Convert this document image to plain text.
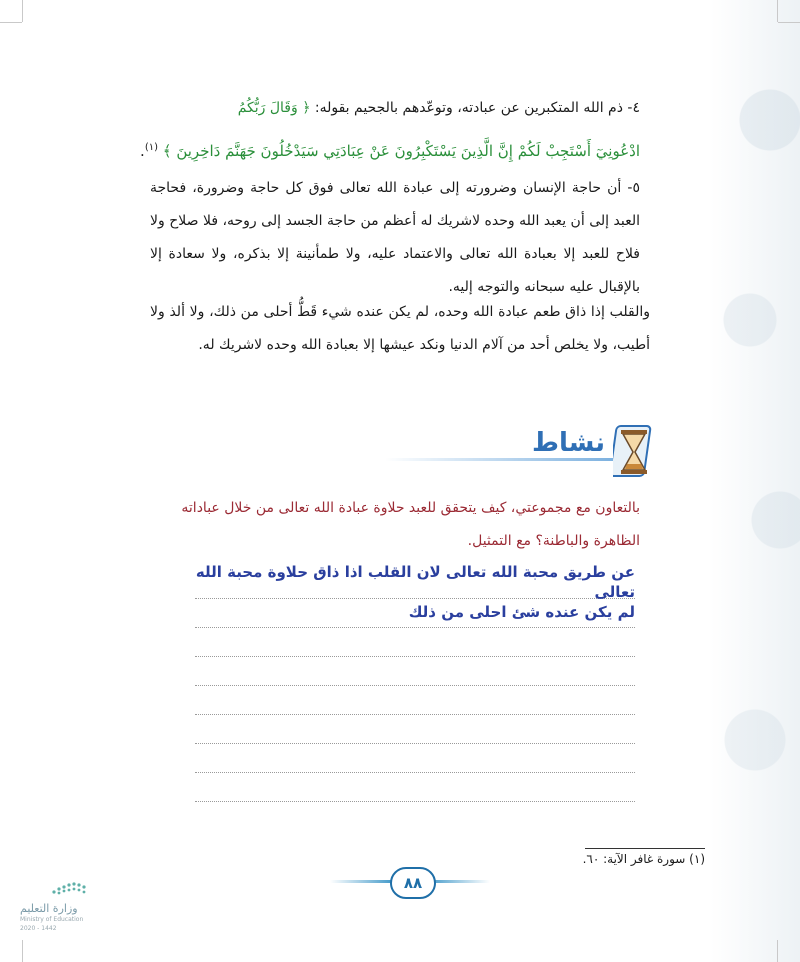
٤- ذم الله المتكبرين عن عبادته، وتوعّدهم بالجحيم بقوله: ﴿ وَقَالَ رَبُّكُمُ

ادْعُونِيٓ أَسْتَجِبْ لَكُمْ إِنَّ الَّذِينَ يَسْتَكْبِرُونَ عَنْ عِبَادَتِي سَيَدْخُلُونَ جَهَنَّمَ دَاخِرِينَ ﴾ $^{(١)}$.

٥- أن حاجة الإنسان وضرورته إلى عبادة الله تعالى فوق كل حاجة وضرورة، فحاجة العبد إلى أن يعبد الله وحده لاشريك له أعظم من حاجة الجسد إلى روحه، فلا صلاح ولا فلاح للعبد إلا بعبادة الله تعالى والاعتماد عليه، ولا طمأنينة إلا بذكره، ولا سعادة إلا بالإقبال عليه سبحانه والتوجه إليه.

والقلب إذا ذاق طعم عبادة الله وحده، لم يكن عنده شيء قَطُّ أحلى من ذلك، ولا ألذ ولا أطيب، ولا يخلص أحد من آلام الدنيا ونكد عيشها إلا بعبادة الله وحده لاشريك له.

نشاط

بالتعاون مع مجموعتي، كيف يتحقق للعبد حلاوة عبادة الله تعالى من خلال عباداته الظاهرة والباطنة؟ مع التمثيل.

عن طريق محبة الله تعالى لان القلب اذا ذاق حلاوة محبة الله تعالى
لم يكن عنده شئ احلى من ذلك
(١) سورة غافر الآية: ٦٠.
٨٨
وزارة التعليم
Ministry of Education
2020 - 1442
